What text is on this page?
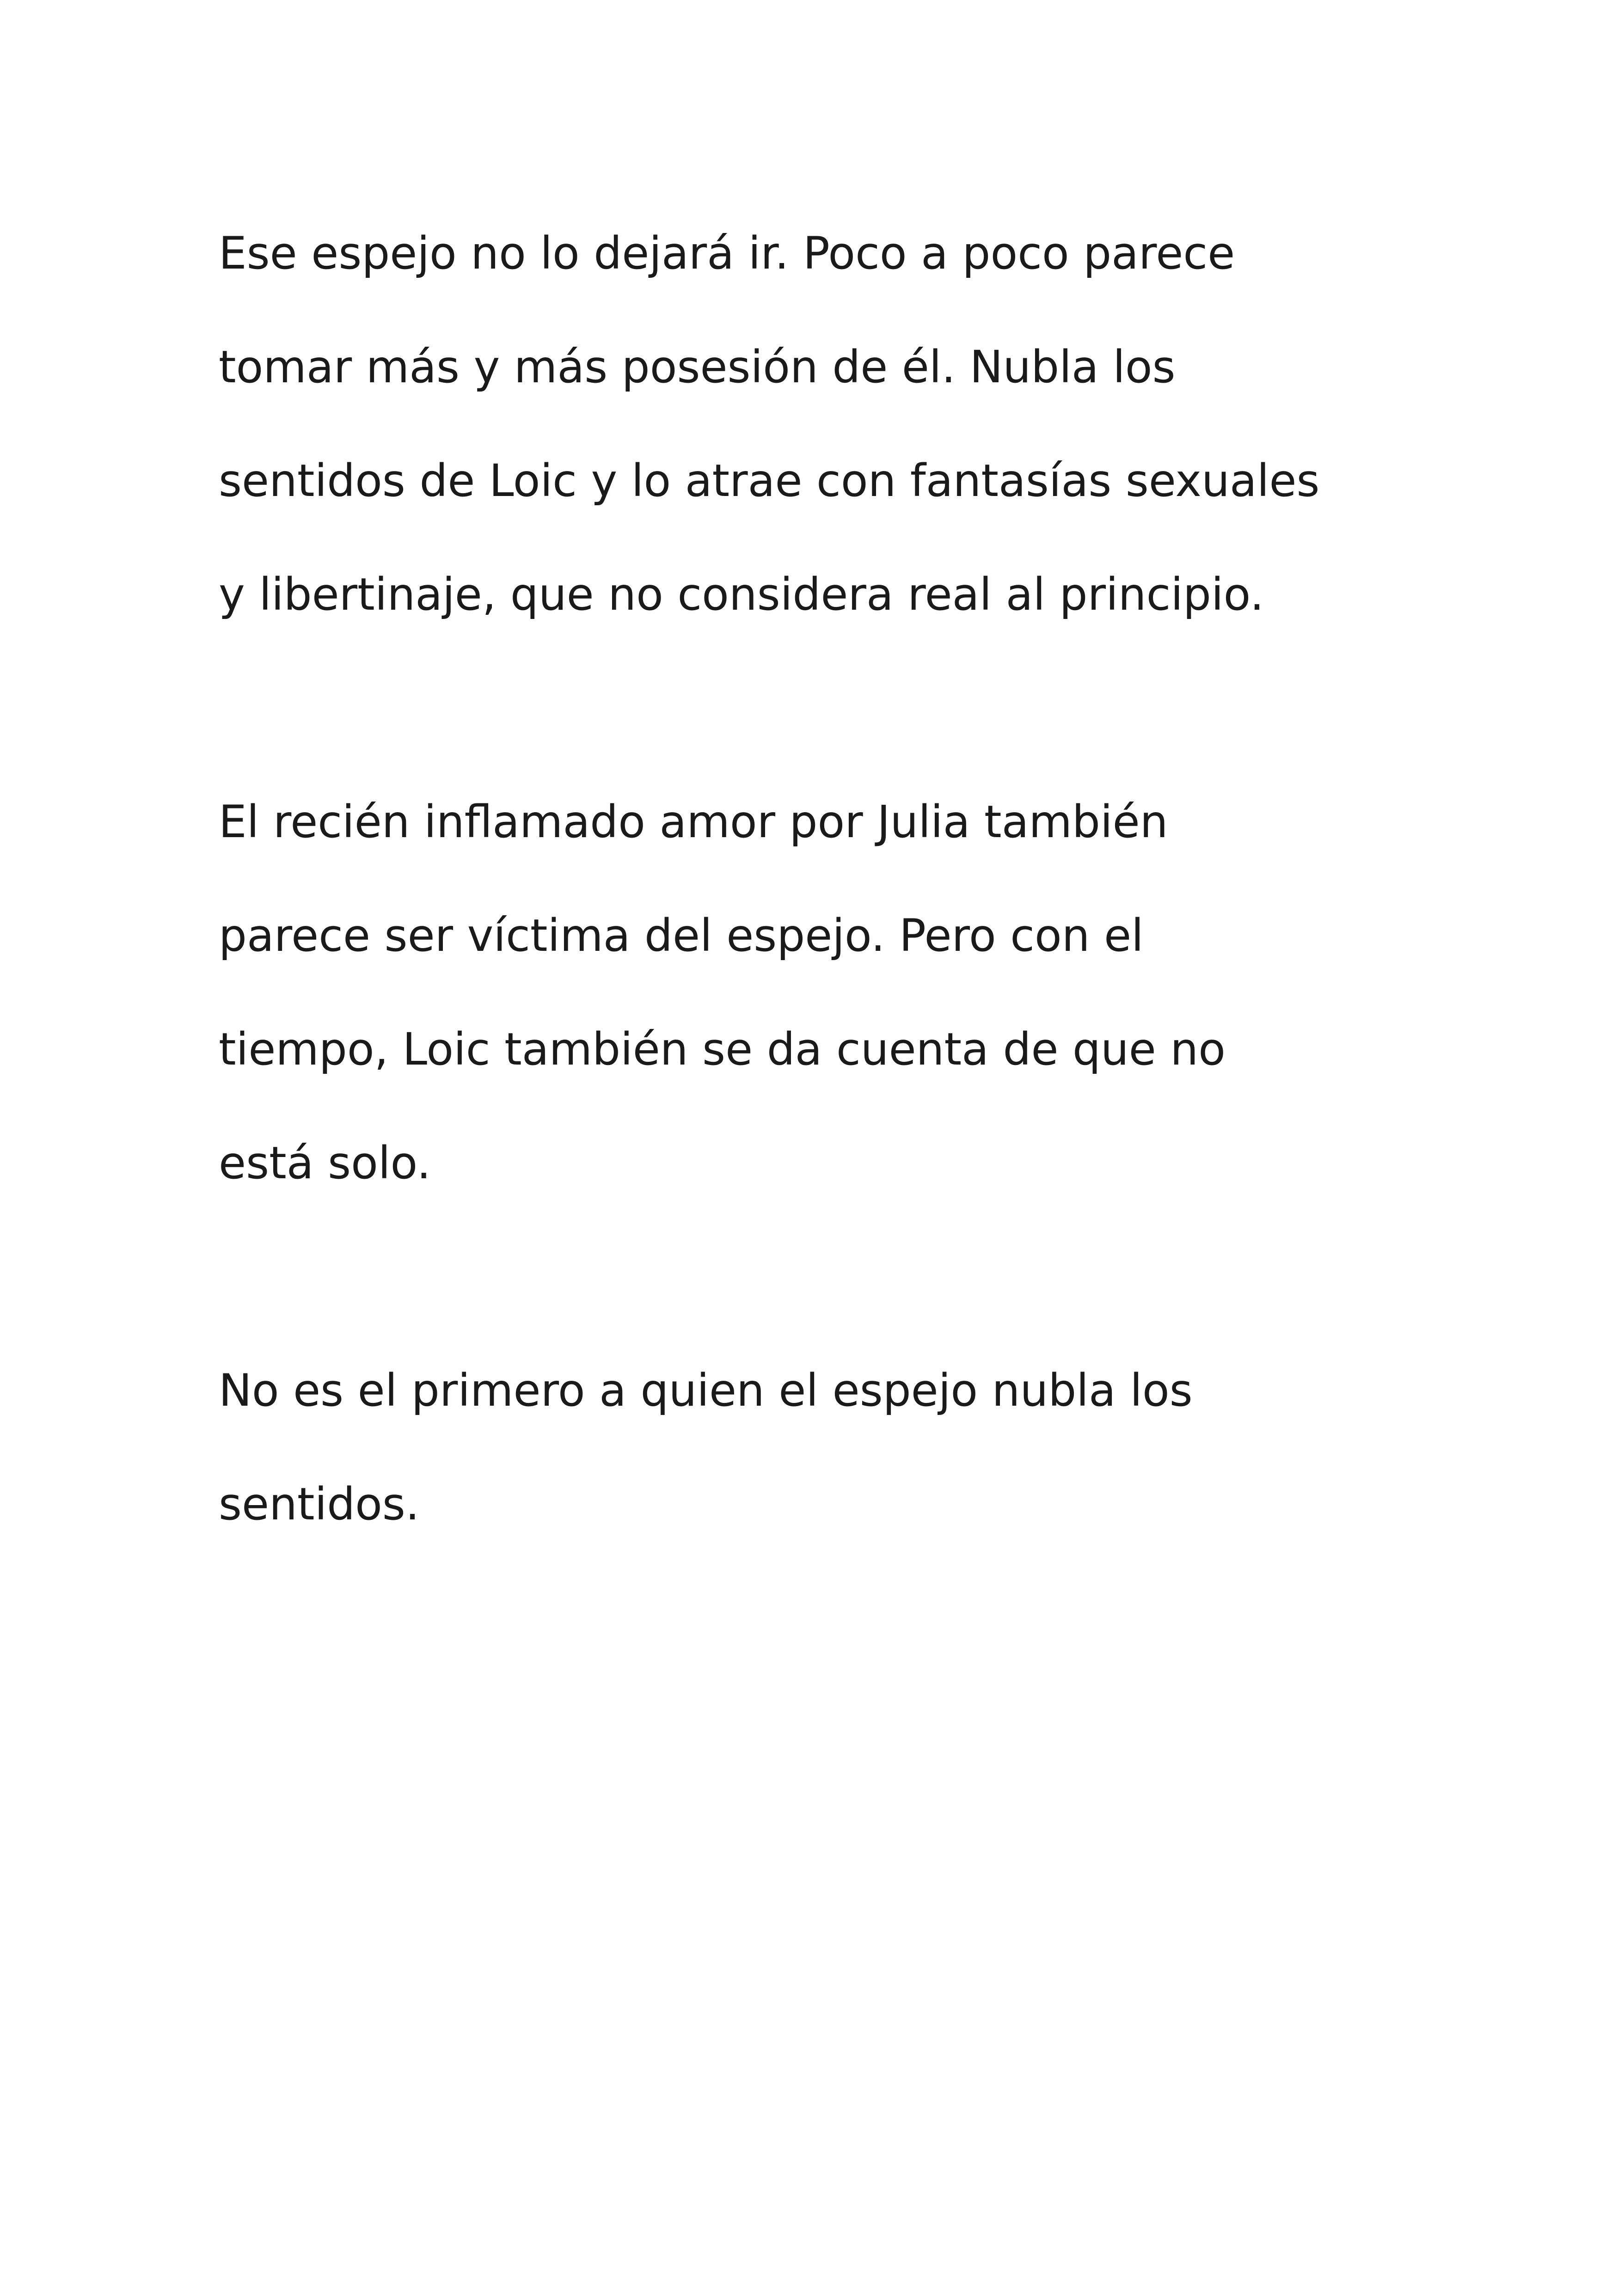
Ese espejo no lo dejará ir. Poco a poco parece
tomar más y más posesión de él. Nubla los
sentidos de Loic y lo atrae con fantasías sexuales
y libertinaje, que no considera real al principio.

El recién inflamado amor por Julia también
parece ser víctima del espejo. Pero con el
tiempo, Loic también se da cuenta de que no
está solo.

No es el primero a quien el espejo nubla los
sentidos.
